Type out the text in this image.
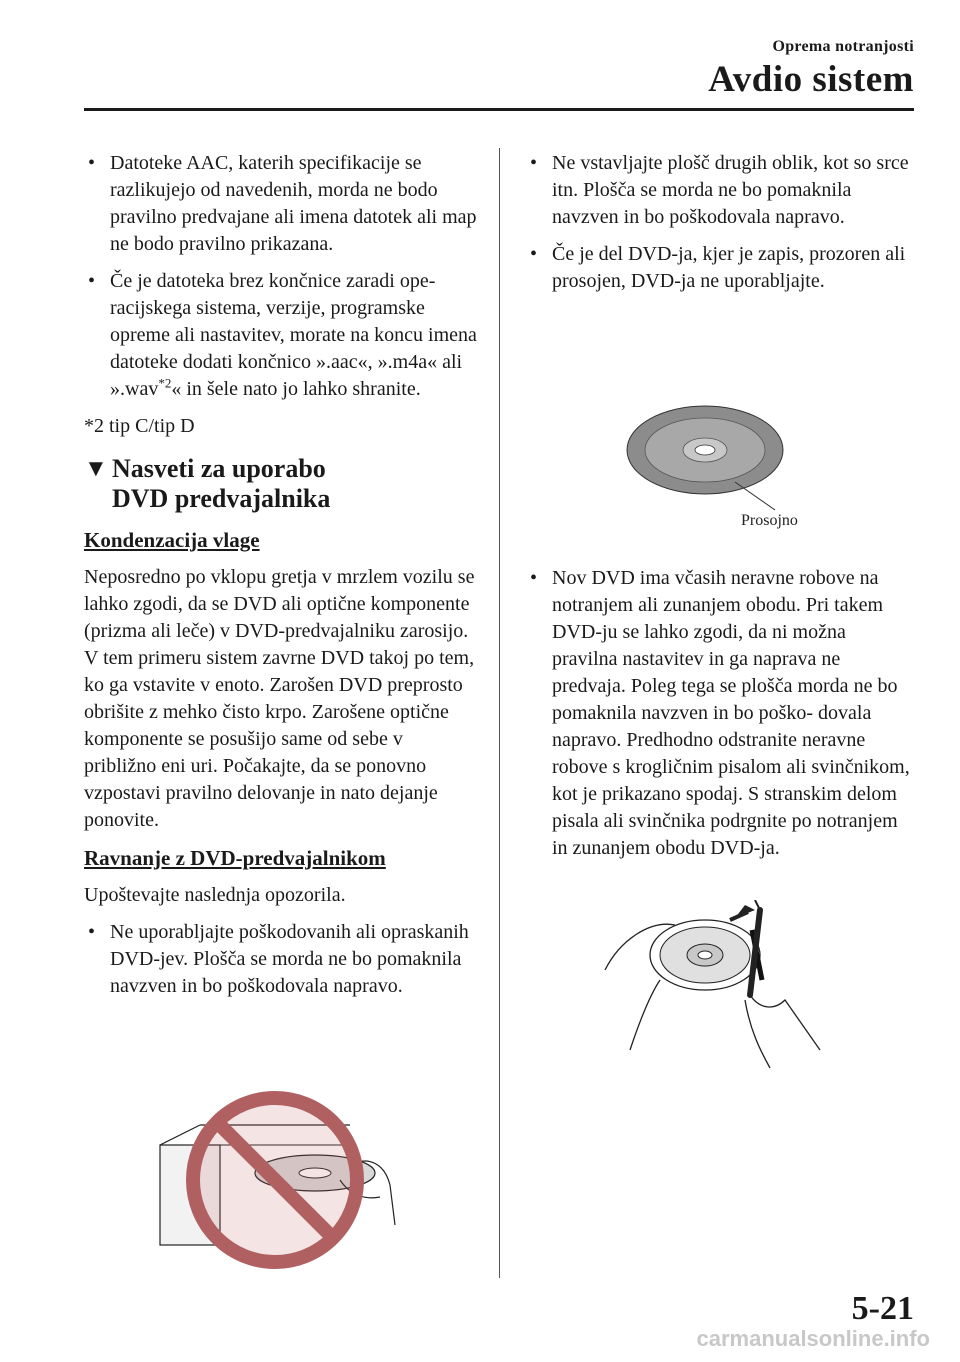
Oprema notranjosti
Avdio sistem

• Datoteke AAC, katerih specifikacije se razlikujejo od navedenih, morda ne bodo pravilno predvajane ali imena datotek ali map ne bodo pravilno prikazana.

• Če je datoteka brez končnice zaradi ope- racijskega sistema, verzije, programske opreme ali nastavitev, morate na koncu imena datoteke dodati končnico ».aac«, ».m4a« ali ».wav$^{*2}$« in šele nato jo lahko shranite.

*2 tip C/tip D

▼ Nasveti za uporabo
DVD predvajalnika
Kondenzacija vlage

Neposredno po vklopu gretja v mrzlem vozilu se lahko zgodi, da se DVD ali optične komponente (prizma ali leče) v DVD-predvajalniku zarosijo. V tem primeru sistem zavrne DVD takoj po tem, ko ga vstavite v enoto. Zarošen DVD preprosto obrišite z mehko čisto krpo. Zarošene optične komponente se posušijo same od sebe v približno eni uri. Počakajte, da se ponovno vzpostavi pravilno delovanje in nato dejanje ponovite.

Ravnanje z DVD-predvajalnikom

Upoštevajte naslednja opozorila.

• Ne uporabljajte poškodovanih ali opraskanih DVD-jev. Plošča se morda ne bo pomaknila navzven in bo poškodovala napravo.

• Ne vstavljajte plošč drugih oblik, kot so srce itn. Plošča se morda ne bo pomaknila navzven in bo poškodovala napravo.

• Če je del DVD-ja, kjer je zapis, prozoren ali prosojen, DVD-ja ne uporabljajte.

Prosojno

• Nov DVD ima včasih neravne robove na notranjem ali zunanjem obodu. Pri takem DVD-ju se lahko zgodi, da ni možna pravilna nastavitev in ga naprava ne predvaja. Poleg tega se plošča morda ne bo pomaknila navzven in bo poško- dovala napravo. Predhodno odstranite neravne robove s krogličnim pisalom ali svinčnikom, kot je prikazano spodaj. S stranskim delom pisala ali svinčnika podrgnite po notranjem in zunanjem obodu DVD-ja.

5-21
carmanualsonline.info
